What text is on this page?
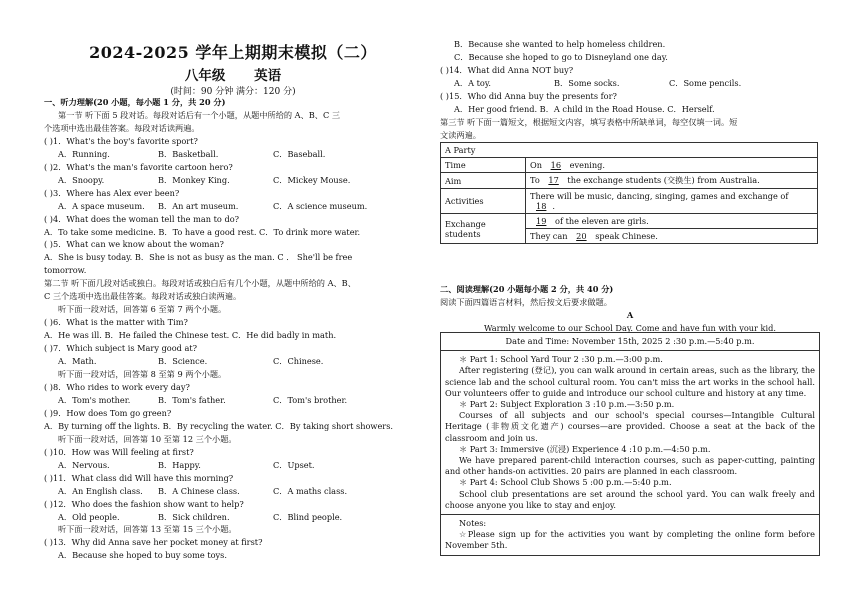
2024-2025 学年上期期末模拟（二）
八年级 英语
(时间：90 分钟 满分：120 分)
一、听力理解(20 小题，每小题 1 分，共 20 分)
第一节 听下面 5 段对话。每段对话后有一个小题，从题中所给的 A、B、C 三
个选项中选出最佳答案。每段对话读两遍。
( )1．What's the boy's favorite sport?
A．Running.	B．Basketball.	C．Baseball.
( )2．What's the man's favorite cartoon hero?
A．Snoopy.	B．Monkey King.	C．Mickey Mouse.
( )3．Where has Alex ever been?
A．A space museum. B．An art museum.	C．A science museum.
( )4．What does the woman tell the man to do?
A．To take some medicine. B．To have a good rest. C．To drink more water.
( )5．What can we know about the woman?
A．She is busy today. B．She is not as busy as the man. C ． She'll be free
tomorrow.
第二节 听下面几段对话或独白。每段对话或独白后有几个小题，从题中所给的 A、B、
C 三个选项中选出最佳答案。每段对话或独白读两遍。
听下面一段对话，回答第 6 至第 7 两个小题。
( )6．What is the matter with Tim?
A．He was ill. B．He failed the Chinese test. C．He did badly in math.
( )7．Which subject is Mary good at?
A．Math.	B．Science.	C．Chinese.
听下面一段对话，回答第 8 至第 9 两个小题。
( )8．Who rides to work every day?
A．Tom's mother.	B．Tom's father.	C．Tom's brother.
( )9．How does Tom go green?
A．By turning off the lights. B．By recycling the water. C．By taking short showers.
听下面一段对话，回答第 10 至第 12 三个小题。
( )10．How was Will feeling at first?
A．Nervous.	B．Happy.	C．Upset.
( )11．What class did Will have this morning?
A．An English class. B．A Chinese class.	C．A maths class.
( )12．Who does the fashion show want to help?
A．Old people.	B．Sick children.	C．Blind people.
听下面一段对话，回答第 13 至第 15 三个小题。
( )13．Why did Anna save her pocket money at first?
A．Because she hoped to buy some toys.
B．Because she wanted to help homeless children.
C．Because she hoped to go to Disneyland one day.
( )14．What did Anna NOT buy?
A．A toy.	B．Some socks.	C．Some pencils.
( )15．Who did Anna buy the presents for?
A．Her good friend. B．A child in the Road House. C．Herself.
第三节 听下面一篇短文，根据短文内容，填写表格中所缺单词，每空仅填一词。短
文读两遍。
A Party	
Time	On 16 evening.
Aim	To 17 the exchange students (交换生) from Australia.
Activities	There will be music, dancing, singing, games and exchange of 18 .
Exchange students	19 of the eleven are girls.
	They can 20 speak Chinese.
二、阅读理解(20 小题每小题 2 分，共 40 分)
阅读下面四篇语言材料，然后按文后要求做题。
A
Warmly welcome to our School Day. Come and have fun with your kid.
Date and Time: November 15th, 2025 2 :30 p.m.—5:40 p.m.

＊ Part 1: School Yard Tour 2 :30 p.m.—3:00 p.m.

After registering (登记), you can walk around in certain areas, such as the library, the science lab and the school cultural room. You can't miss the art works in the school hall. Our volunteers offer to guide and introduce our school culture and history at any time.

＊ Part 2: Subject Exploration 3 :10 p.m.—3:50 p.m.

Courses of all subjects and our school's special courses—Intangible Cultural Heritage (非物质文化遗产) courses—are provided. Choose a seat at the back of the classroom and join us.

＊ Part 3: Immersive (沉浸) Experience 4 :10 p.m.—4:50 p.m.

We have prepared parent-child interaction courses, such as paper-cutting, painting and other hands-on activities. 20 pairs are planned in each classroom.

＊ Part 4: School Club Shows 5 :00 p.m.—5:40 p.m.

School club presentations are set around the school yard. You can walk freely and choose anyone you like to stay and enjoy.

Notes:

☆Please sign up for the activities you want by completing the online form before November 5th.
